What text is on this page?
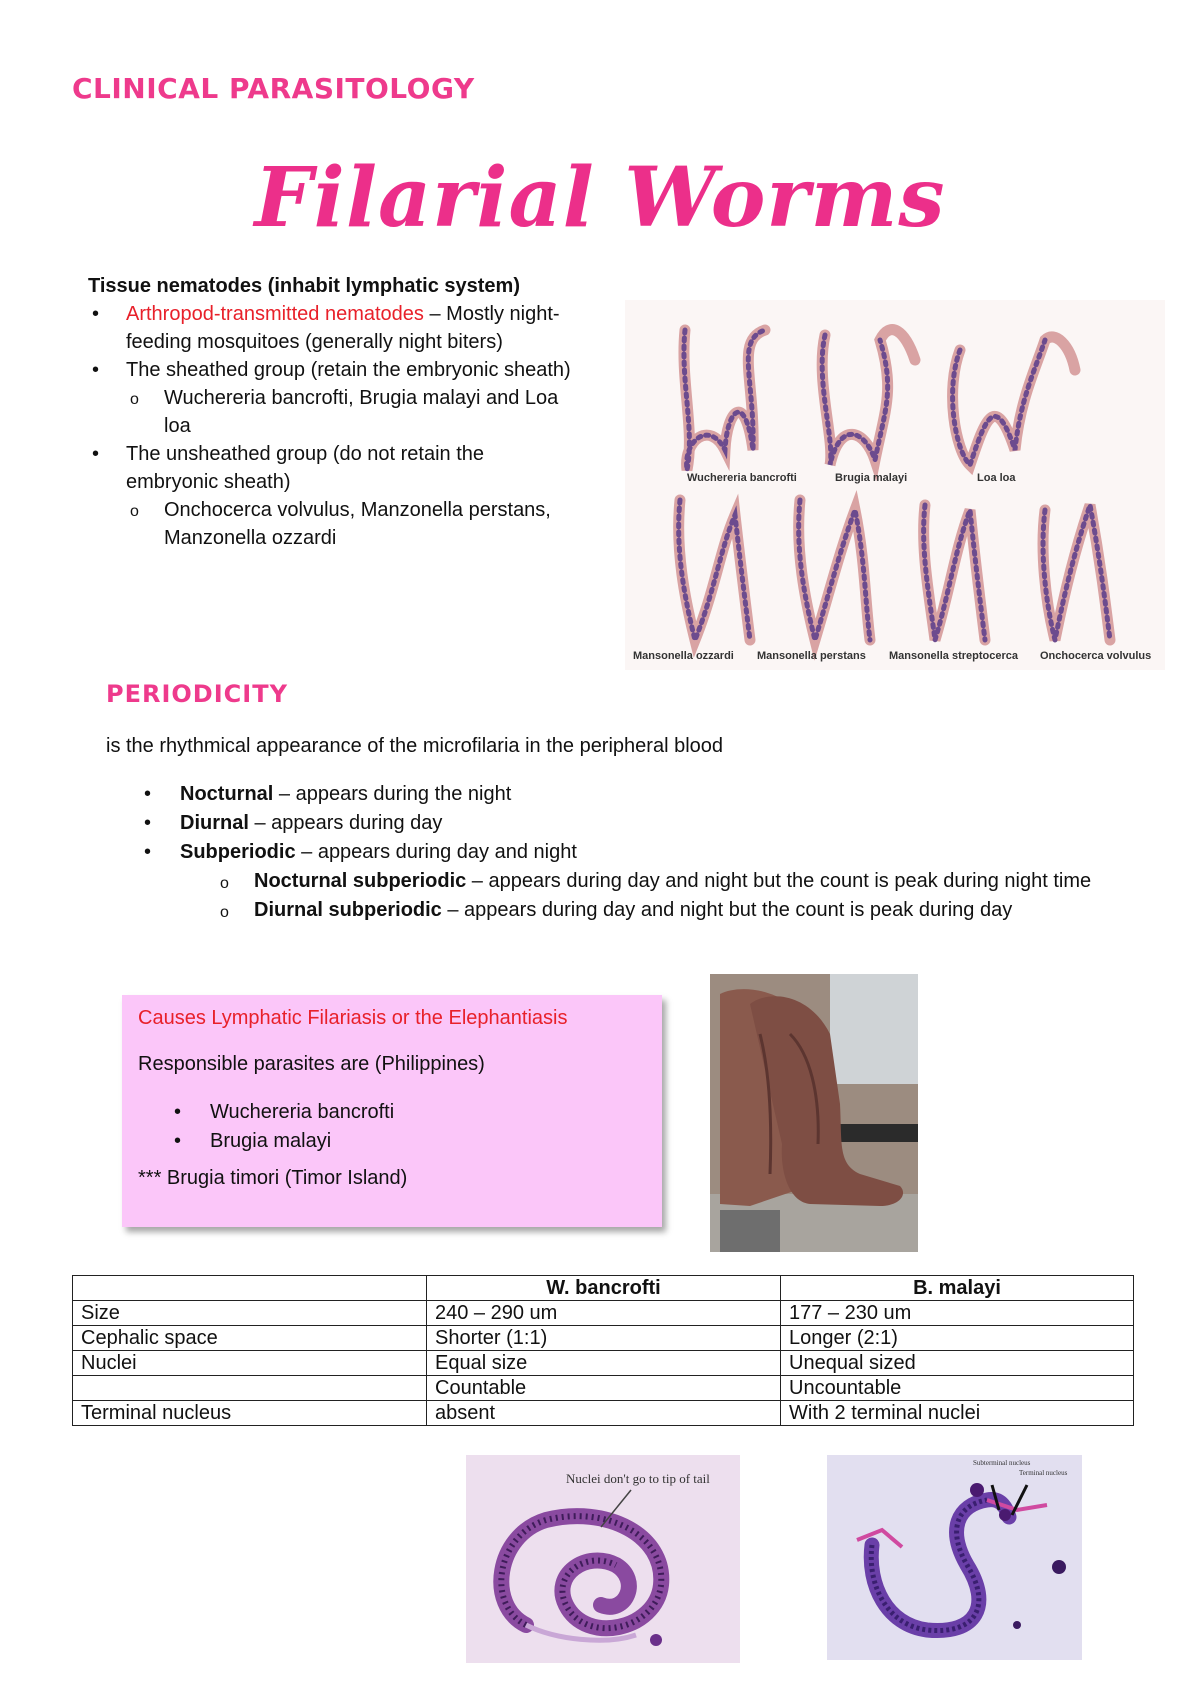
CLINICAL PARASITOLOGY
Filarial Worms
Tissue nematodes (inhabit lymphatic system)
• Arthropod-transmitted nematodes – Mostly night-feeding mosquitoes (generally night biters)
• The sheathed group (retain the embryonic sheath)
o Wuchereria bancrofti, Brugia malayi and Loa loa
• The unsheathed group (do not retain the embryonic sheath)
o Onchocerca volvulus, Manzonella perstans, Manzonella ozzardi
Wuchereria bancrofti	Brugia malayi	Loa loa
Mansonella ozzardi Mansonella perstans Mansonella streptocerca Onchocerca volvulus
PERIODICITY
is the rhythmical appearance of the microfilaria in the peripheral blood
• Nocturnal – appears during the night
• Diurnal – appears during day
• Subperiodic – appears during day and night
o Nocturnal subperiodic – appears during day and night but the count is peak during night time
o Diurnal subperiodic – appears during day and night but the count is peak during day
Causes Lymphatic Filariasis or the Elephantiasis
Responsible parasites are (Philippines)
• Wuchereria bancrofti
• Brugia malayi
*** Brugia timori (Timor Island)
	W. bancrofti	B. malayi
Size	240 – 290 um	177 – 230 um
Cephalic space	Shorter (1:1)	Longer (2:1)
Nuclei	Equal size	Unequal sized
	Countable	Uncountable
Terminal nucleus	absent	With 2 terminal nuclei
Nuclei don't go to tip of tail
Subterminal nucleus
Terminal nucleus
